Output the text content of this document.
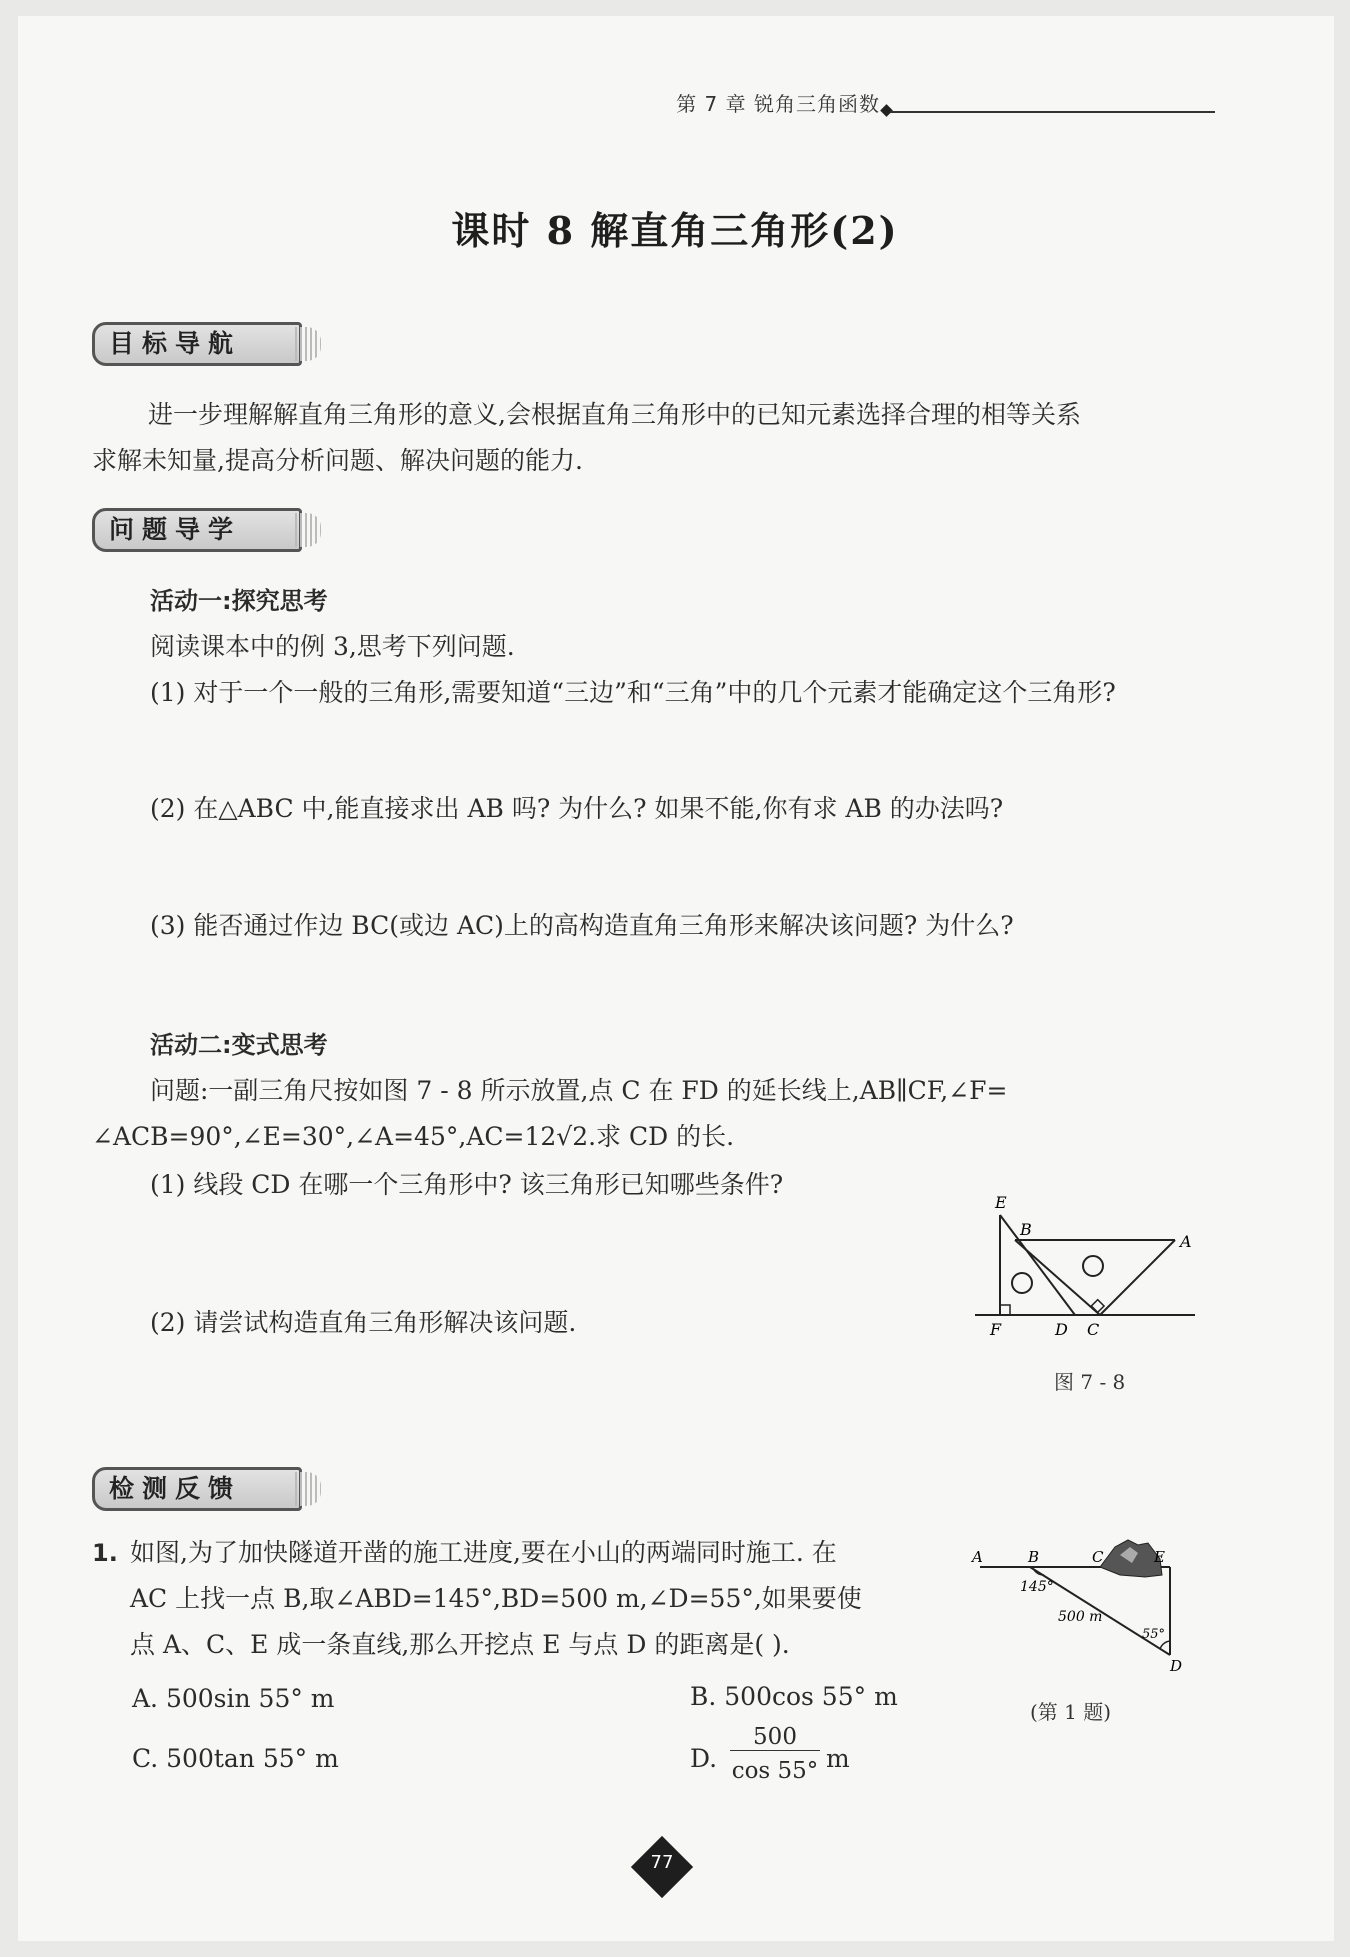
第 7 章 锐角三角函数
课时 8 解直角三角形(2)
目标导航
进一步理解解直角三角形的意义,会根据直角三角形中的已知元素选择合理的相等关系
求解未知量,提高分析问题、解决问题的能力.
问题导学
活动一:探究思考
阅读课本中的例 3,思考下列问题.
(1) 对于一个一般的三角形,需要知道“三边”和“三角”中的几个元素才能确定这个三角形?
(2) 在△ABC 中,能直接求出 AB 吗? 为什么? 如果不能,你有求 AB 的办法吗?
(3) 能否通过作边 BC(或边 AC)上的高构造直角三角形来解决该问题? 为什么?
活动二:变式思考
问题:一副三角尺按如图 7 - 8 所示放置,点 C 在 FD 的延长线上,AB∥CF,∠F=
∠ACB=90°,∠E=30°,∠A=45°,AC=12√2.求 CD 的长.
(1) 线段 CD 在哪一个三角形中? 该三角形已知哪些条件?
(2) 请尝试构造直角三角形解决该问题.
E
B
A
F	D C
图 7 - 8
检测反馈
1. 如图,为了加快隧道开凿的施工进度,要在小山的两端同时施工. 在
AC 上找一点 B,取∠ABD=145°,BD=500 m,∠D=55°,如果要使
点 A、C、E 成一条直线,那么开挖点 E 与点 D 的距离是( ).
A. 500sin 55° m	B. 500cos 55° m
C. 500tan 55° m	D.
500
cos 55° m
A	B	C	E
D
145°
500 m
55°
(第 1 题)
77
